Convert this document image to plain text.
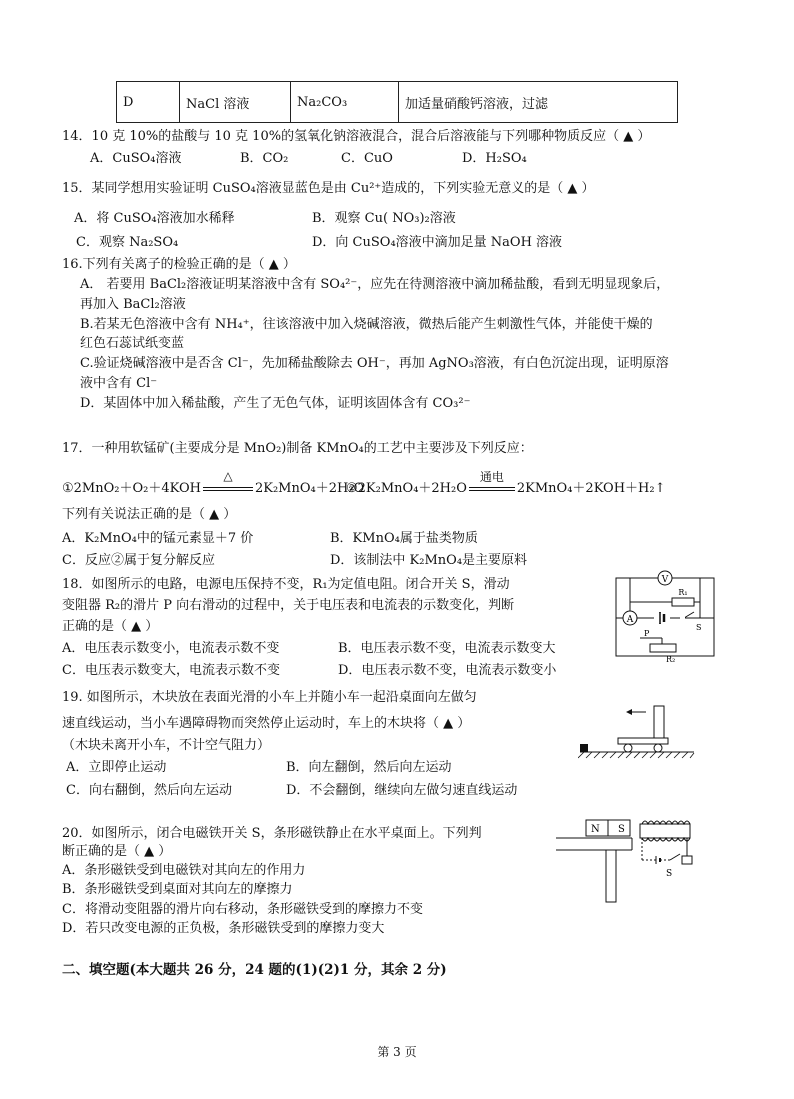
D	NaCl 溶液	Na₂CO₃	加适量硝酸钙溶液，过滤
14．10 克 10%的盐酸与 10 克 10%的氢氧化钠溶液混合，混合后溶液能与下列哪种物质反应（ ▲ ）
A．CuSO₄溶液	B．CO₂	C．CuO	D．H₂SO₄
15．某同学想用实验证明 CuSO₄溶液显蓝色是由 Cu²⁺造成的，下列实验无意义的是（ ▲ ）
A．将 CuSO₄溶液加水稀释	B．观察 Cu( NO₃)₂溶液
C．观察 Na₂SO₄	D．向 CuSO₄溶液中滴加足量 NaOH 溶液
16.下列有关离子的检验正确的是（ ▲ ）
A． 若要用 BaCl₂溶液证明某溶液中含有 SO₄²⁻，应先在待测溶液中滴加稀盐酸，看到无明显现象后，
再加入 BaCl₂溶液
B.若某无色溶液中含有 NH₄⁺，往该溶液中加入烧碱溶液，微热后能产生刺激性气体，并能使干燥的
红色石蕊试纸变蓝
C.验证烧碱溶液中是否含 Cl⁻，先加稀盐酸除去 OH⁻，再加 AgNO₃溶液，有白色沉淀出现，证明原溶
液中含有 Cl⁻
D．某固体中加入稀盐酸，产生了无色气体，证明该固体含有 CO₃²⁻
17．一种用软锰矿(主要成分是 MnO₂)制备 KMnO₄的工艺中主要涉及下列反应：
①2MnO₂＋O₂＋4KOH
△
2K₂MnO₄＋2H₂O
②2K₂MnO₄＋2H₂O
通电
2KMnO₄＋2KOH＋H₂↑
下列有关说法正确的是（ ▲ ）
A．K₂MnO₄中的锰元素显＋7 价	B．KMnO₄属于盐类物质
C．反应②属于复分解反应	D．该制法中 K₂MnO₄是主要原料
18．如图所示的电路，电源电压保持不变，R₁为定值电阻。闭合开关 S，滑动
变阻器 R₂的滑片 P 向右滑动的过程中，关于电压表和电流表的示数变化，判断
正确的是（ ▲ ）
A．电压表示数变小，电流表示数不变	B．电压表示数不变，电流表示数变大
C．电压表示数变大，电流表示数不变	D．电压表示数不变，电流表示数变小
V
R₁
A
S
P
R₂
19. 如图所示，木块放在表面光滑的小车上并随小车一起沿桌面向左做匀
速直线运动，当小车遇障碍物而突然停止运动时，车上的木块将（ ▲ ）
（木块未离开小车，不计空气阻力）
A．立即停止运动	B．向左翻倒，然后向左运动
C．向右翻倒，然后向左运动	D．不会翻倒，继续向左做匀速直线运动
20．如图所示，闭合电磁铁开关 S，条形磁铁静止在水平桌面上。下列判
断正确的是（ ▲ ）
A．条形磁铁受到电磁铁对其向左的作用力
B．条形磁铁受到桌面对其向左的摩擦力
C．将滑动变阻器的滑片向右移动，条形磁铁受到的摩擦力不变
D．若只改变电源的正负极，条形磁铁受到的摩擦力变大
N S
S
二、填空题(本大题共 26 分，24 题的(1)(2)1 分，其余 2 分)
第 3 页
